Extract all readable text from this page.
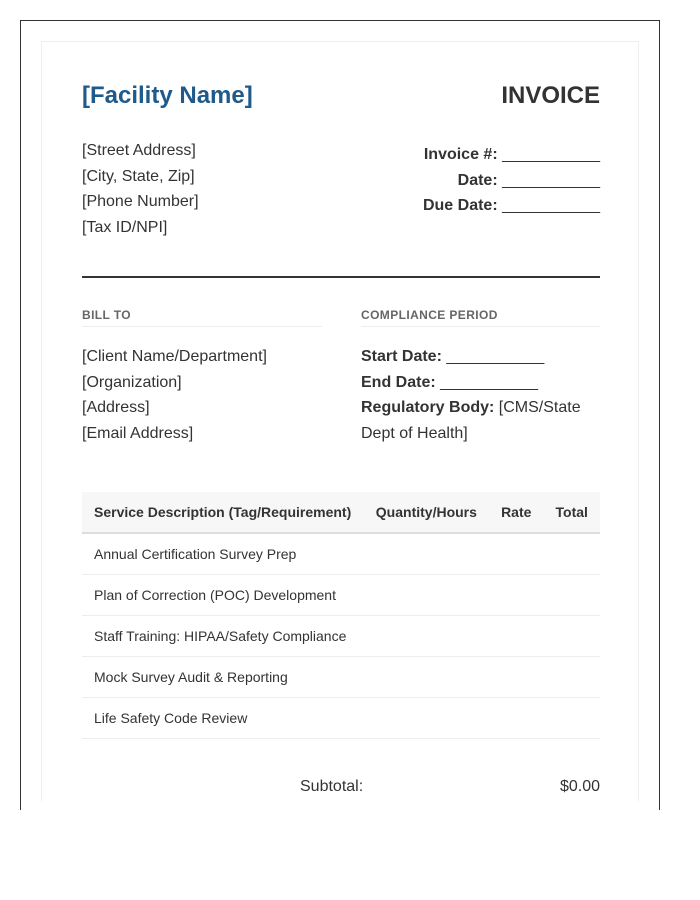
[Facility Name]	INVOICE
[Street Address]
[City, State, Zip]
[Phone Number]
[Tax ID/NPI]
Invoice #: ___________
Date: ___________
Due Date: ___________
BILL TO	COMPLIANCE PERIOD
[Client Name/Department]
[Organization]
[Address]
[Email Address]
Start Date: ___________
End Date: ___________
Regulatory Body: [CMS/State Dept of Health]
Service Description (Tag/Requirement)	Quantity/Hours	Rate	Total
Annual Certification Survey Prep			
Plan of Correction (POC) Development			
Staff Training: HIPAA/Safety Compliance			
Mock Survey Audit & Reporting			
Life Safety Code Review			
Subtotal:	$0.00
